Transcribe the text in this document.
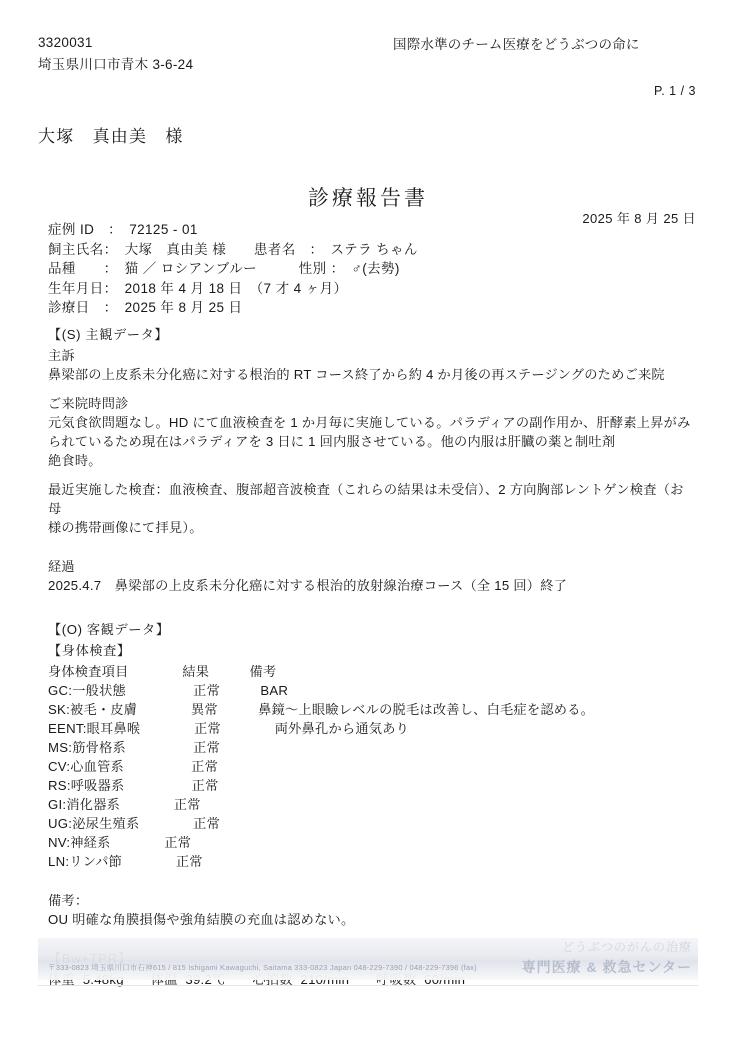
3320031
埼玉県川口市青木 3-6-24
国際水準のチーム医療をどうぶつの命に
P. 1 / 3
大塚　真由美　様
診療報告書
2025 年 8 月 25 日
症例 ID　：　72125 - 01
飼主氏名：　大塚　真由美 様　　患者名　：　ステラ ちゃん
品種　　：　猫 ／ ロシアンブルー　　　性別 ：　♂(去勢)
生年月日：　2018 年 4 月 18 日　（7 才 4 ヶ月）
診療日　：　2025 年 8 月 25 日

【(S) 主観データ】

主訴

鼻梁部の上皮系未分化癌に対する根治的 RT コース終了から約 4 か月後の再ステージングのためご来院

ご来院時問診

元気食欲問題なし。HD にて血液検査を 1 か月毎に実施している。パラディアの副作用か、肝酵素上昇がみ

られているため現在はパラディアを 3 日に 1 回内服させている。他の内服は肝臓の薬と制吐剤

絶食時。

最近実施した検査：血液検査、腹部超音波検査（これらの結果は未受信）、2 方向胸部レントゲン検査（お母

様の携帯画像にて拝見）。

経過

2025.4.7　鼻梁部の上皮系未分化癌に対する根治的放射線治療コース（全 15 回）終了

【(O) 客観データ】

【身体検査】

身体検査項目　　　　結果　　　備考

GC:一般状態　　　　　正常　　　BAR

SK:被毛・皮膚　　　　異常　　　鼻鏡～上眼瞼レベルの脱毛は改善し、白毛症を認める。

EENT:眼耳鼻喉　　　　正常　　　　両外鼻孔から通気あり

MS:筋骨格系　　　　　正常

CV:心血管系　　　　　正常

RS:呼吸器系　　　　　正常

GI:消化器系　　　　正常

UG:泌尿生殖系　　　　正常

NV:神経系　　　　正常

LN:リンパ節　　　　正常

備考：

OU 明確な角膜損傷や強角結膜の充血は認めない。

〒333-0823 埼玉県川口市石神615 / 815 Ishigami Kawaguchi, Saitama 333-0823 Japan 048-229-7390 / 048-229-7396 (fax)
どうぶつのがんの治療
専門医療 & 救急センター
